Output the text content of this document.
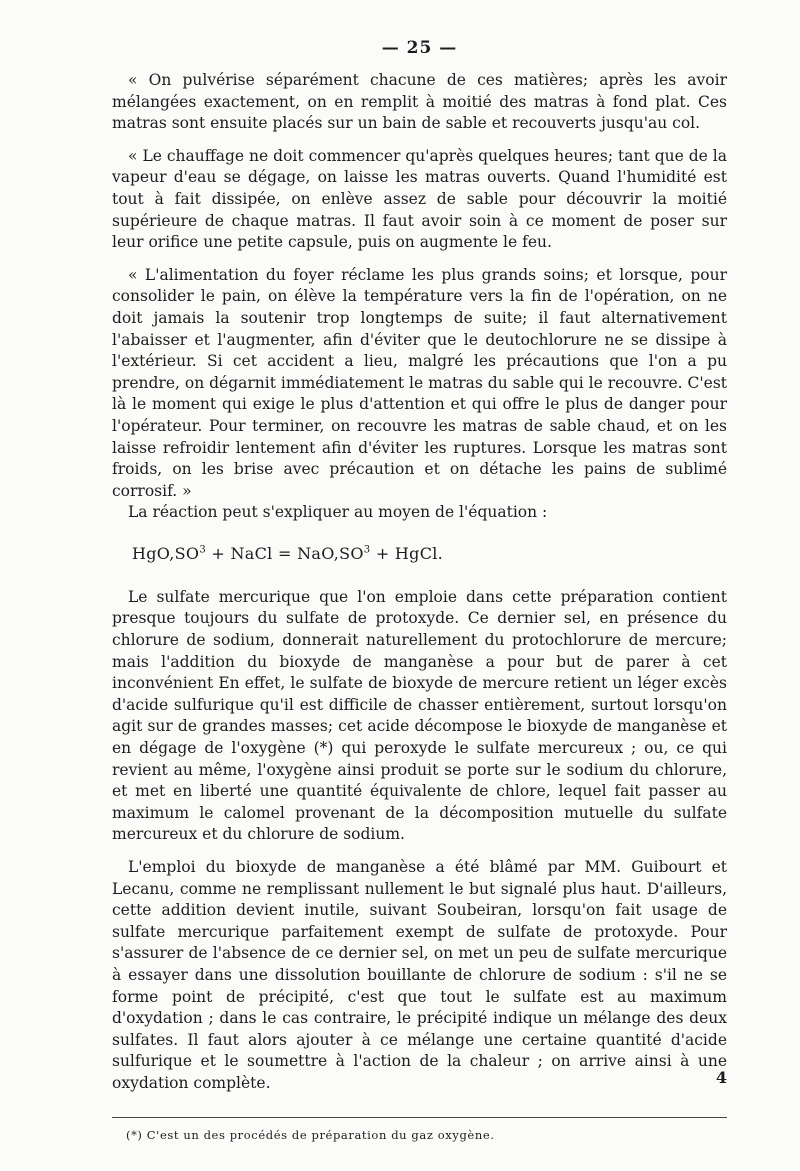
— 25 —

« On pulvérise séparément chacune de ces matières; après les avoir mélangées exactement, on en remplit à moitié des matras à fond plat. Ces matras sont ensuite placés sur un bain de sable et recouverts jusqu'au col.

« Le chauffage ne doit commencer qu'après quelques heures; tant que de la vapeur d'eau se dégage, on laisse les matras ouverts. Quand l'humidité est tout à fait dissipée, on enlève assez de sable pour découvrir la moitié supérieure de chaque matras. Il faut avoir soin à ce moment de poser sur leur orifice une petite capsule, puis on augmente le feu.

« L'alimentation du foyer réclame les plus grands soins; et lorsque, pour consolider le pain, on élève la température vers la fin de l'opération, on ne doit jamais la soutenir trop longtemps de suite; il faut alternativement l'abaisser et l'augmenter, afin d'éviter que le deutochlorure ne se dissipe à l'extérieur. Si cet accident a lieu, malgré les précautions que l'on a pu prendre, on dégarnit immédiatement le matras du sable qui le recouvre. C'est là le moment qui exige le plus d'attention et qui offre le plus de danger pour l'opérateur. Pour terminer, on recouvre les matras de sable chaud, et on les laisse refroidir lentement afin d'éviter les ruptures. Lorsque les matras sont froids, on les brise avec précaution et on détache les pains de sublimé corrosif. »

La réaction peut s'expliquer au moyen de l'équation :

$HgO,SO^3$ + NaCl = $NaO,SO^3$ + HgCl.

Le sulfate mercurique que l'on emploie dans cette préparation contient presque toujours du sulfate de protoxyde. Ce dernier sel, en présence du chlorure de sodium, donnerait naturellement du protochlorure de mercure; mais l'addition du bioxyde de manganèse a pour but de parer à cet inconvénient En effet, le sulfate de bioxyde de mercure retient un léger excès d'acide sulfurique qu'il est difficile de chasser entièrement, surtout lorsqu'on agit sur de grandes masses; cet acide décompose le bioxyde de manganèse et en dégage de l'oxygène (*) qui peroxyde le sulfate mercureux ; ou, ce qui revient au même, l'oxygène ainsi produit se porte sur le sodium du chlorure, et met en liberté une quantité équivalente de chlore, lequel fait passer au maximum le calomel provenant de la décomposition mutuelle du sulfate mercureux et du chlorure de sodium.

L'emploi du bioxyde de manganèse a été blâmé par MM. Guibourt et Lecanu, comme ne remplissant nullement le but signalé plus haut. D'ailleurs, cette addition devient inutile, suivant Soubeiran, lorsqu'on fait usage de sulfate mercurique parfaitement exempt de sulfate de protoxyde. Pour s'assurer de l'absence de ce dernier sel, on met un peu de sulfate mercurique à essayer dans une dissolution bouillante de chlorure de sodium : s'il ne se forme point de précipité, c'est que tout le sulfate est au maximum d'oxydation ; dans le cas contraire, le précipité indique un mélange des deux sulfates. Il faut alors ajouter à ce mélange une certaine quantité d'acide sulfurique et le soumettre à l'action de la chaleur ; on arrive ainsi à une oxydation complète.

(*) C'est un des procédés de préparation du gaz oxygène.
4
